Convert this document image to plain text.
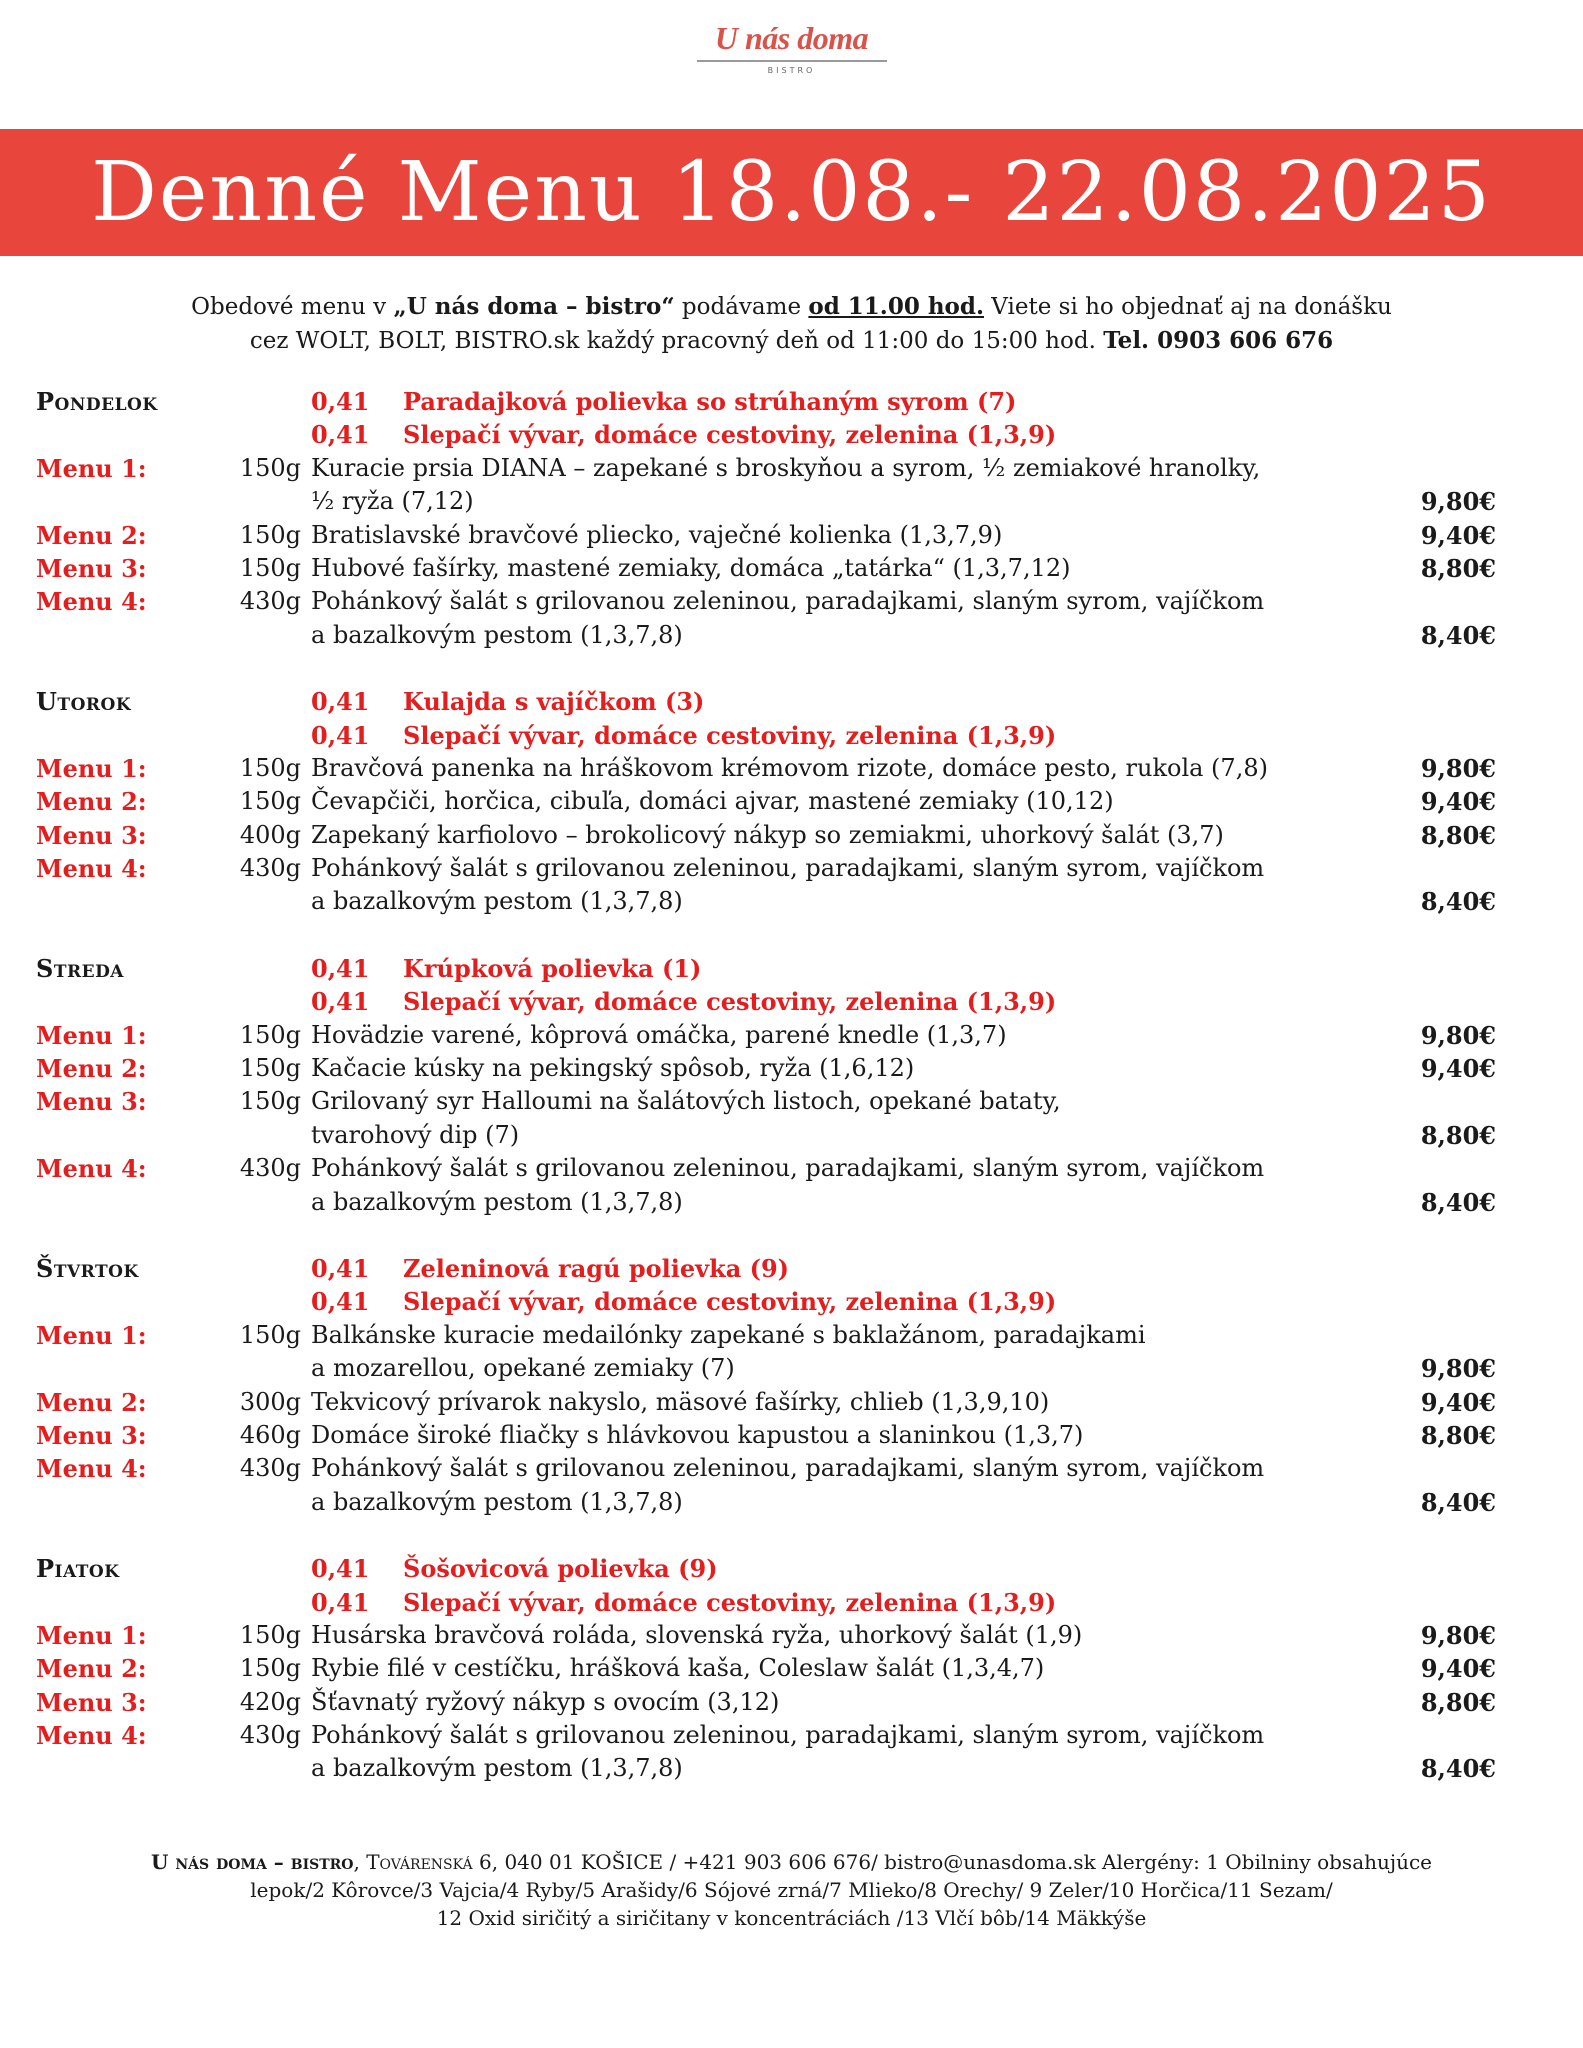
U nás doma
BISTRO
Denné Menu 18.08.- 22.08.2025
Obedové menu v „U nás doma – bistro“ podávame od 11.00 hod. Viete si ho objednať aj na donášku
cez WOLT, BOLT, BISTRO.sk každý pracovný deň od 11:00 do 15:00 hod. Tel. 0903 606 676
Pondelok	0,41 Paradajková polievka so strúhaným syrom (7)
0,41 Slepačí vývar, domáce cestoviny, zelenina (1,3,9)
Menu 1:	150g Kuracie prsia DIANA – zapekané s broskyňou a syrom, ½ zemiakové hranolky,
½ ryža (7,12)	9,80€
Menu 2:	150g Bratislavské bravčové pliecko, vaječné kolienka (1,3,7,9)	9,40€
Menu 3:	150g Hubové fašírky, mastené zemiaky, domáca „tatárka“ (1,3,7,12)	8,80€
Menu 4:	430g Pohánkový šalát s grilovanou zeleninou, paradajkami, slaným syrom, vajíčkom
a bazalkovým pestom (1,3,7,8)	8,40€
Utorok	0,41 Kulajda s vajíčkom (3)
0,41 Slepačí vývar, domáce cestoviny, zelenina (1,3,9)
Menu 1:	150g Bravčová panenka na hráškovom krémovom rizote, domáce pesto, rukola (7,8)	9,80€
Menu 2:	150g Čevapčiči, horčica, cibuľa, domáci ajvar, mastené zemiaky (10,12)	9,40€
Menu 3:	400g Zapekaný karfiolovo – brokolicový nákyp so zemiakmi, uhorkový šalát (3,7)	8,80€
Menu 4:	430g Pohánkový šalát s grilovanou zeleninou, paradajkami, slaným syrom, vajíčkom
a bazalkovým pestom (1,3,7,8)	8,40€
Streda	0,41 Krúpková polievka (1)
0,41 Slepačí vývar, domáce cestoviny, zelenina (1,3,9)
Menu 1:	150g Hovädzie varené, kôprová omáčka, parené knedle (1,3,7)	9,80€
Menu 2:	150g Kačacie kúsky na pekingský spôsob, ryža (1,6,12)	9,40€
Menu 3:	150g Grilovaný syr Halloumi na šalátových listoch, opekané bataty,
tvarohový dip (7)	8,80€
Menu 4:	430g Pohánkový šalát s grilovanou zeleninou, paradajkami, slaným syrom, vajíčkom
a bazalkovým pestom (1,3,7,8)	8,40€
Štvrtok	0,41 Zeleninová ragú polievka (9)
0,41 Slepačí vývar, domáce cestoviny, zelenina (1,3,9)
Menu 1:	150g Balkánske kuracie medailónky zapekané s baklažánom, paradajkami
a mozarellou, opekané zemiaky (7)	9,80€
Menu 2:	300g Tekvicový prívarok nakyslo, mäsové fašírky, chlieb (1,3,9,10)	9,40€
Menu 3:	460g Domáce široké fliačky s hlávkovou kapustou a slaninkou (1,3,7)	8,80€
Menu 4:	430g Pohánkový šalát s grilovanou zeleninou, paradajkami, slaným syrom, vajíčkom
a bazalkovým pestom (1,3,7,8)	8,40€
Piatok	0,41 Šošovicová polievka (9)
0,41 Slepačí vývar, domáce cestoviny, zelenina (1,3,9)
Menu 1:	150g Husárska bravčová roláda, slovenská ryža, uhorkový šalát (1,9)	9,80€
Menu 2:	150g Rybie filé v cestíčku, hrášková kaša, Coleslaw šalát (1,3,4,7)	9,40€
Menu 3:	420g Šťavnatý ryžový nákyp s ovocím (3,12)	8,80€
Menu 4:	430g Pohánkový šalát s grilovanou zeleninou, paradajkami, slaným syrom, vajíčkom
a bazalkovým pestom (1,3,7,8)	8,40€
U nás doma – bistro, Továrenská 6, 040 01 KOŠICE / +421 903 606 676/ bistro@unasdoma.sk Alergény: 1 Obilniny obsahujúce
lepok/2 Kôrovce/3 Vajcia/4 Ryby/5 Arašidy/6 Sójové zrná/7 Mlieko/8 Orechy/ 9 Zeler/10 Horčica/11 Sezam/
12 Oxid siričitý a siričitany v koncentráciách /13 Vlčí bôb/14 Mäkkýše
